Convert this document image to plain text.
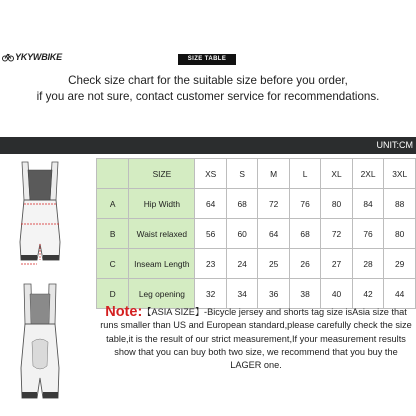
YKYWBIKE	SIZE TABLE
Check size chart for the suitable size before you order,
if you are not sure, contact customer service for recommendations.
UNIT:CM
	SIZE	XS	S	M	L	XL	2XL	3XL
A	Hip Width	64	68	72	76	80	84	88
B	Waist relaxed	56	60	64	68	72	76	80
C	Inseam Length	23	24	25	26	27	28	29
D	Leg opening	32	34	36	38	40	42	44

Note:【ASIA SIZE】-Bicycle jersey and shorts tag size isAsia size that runs smaller than US and European standard,please carefully check the size table,it is the result of our strict measurement,If your measurement results show that you can buy both two size, we recommend that you buy the LAGER one.
